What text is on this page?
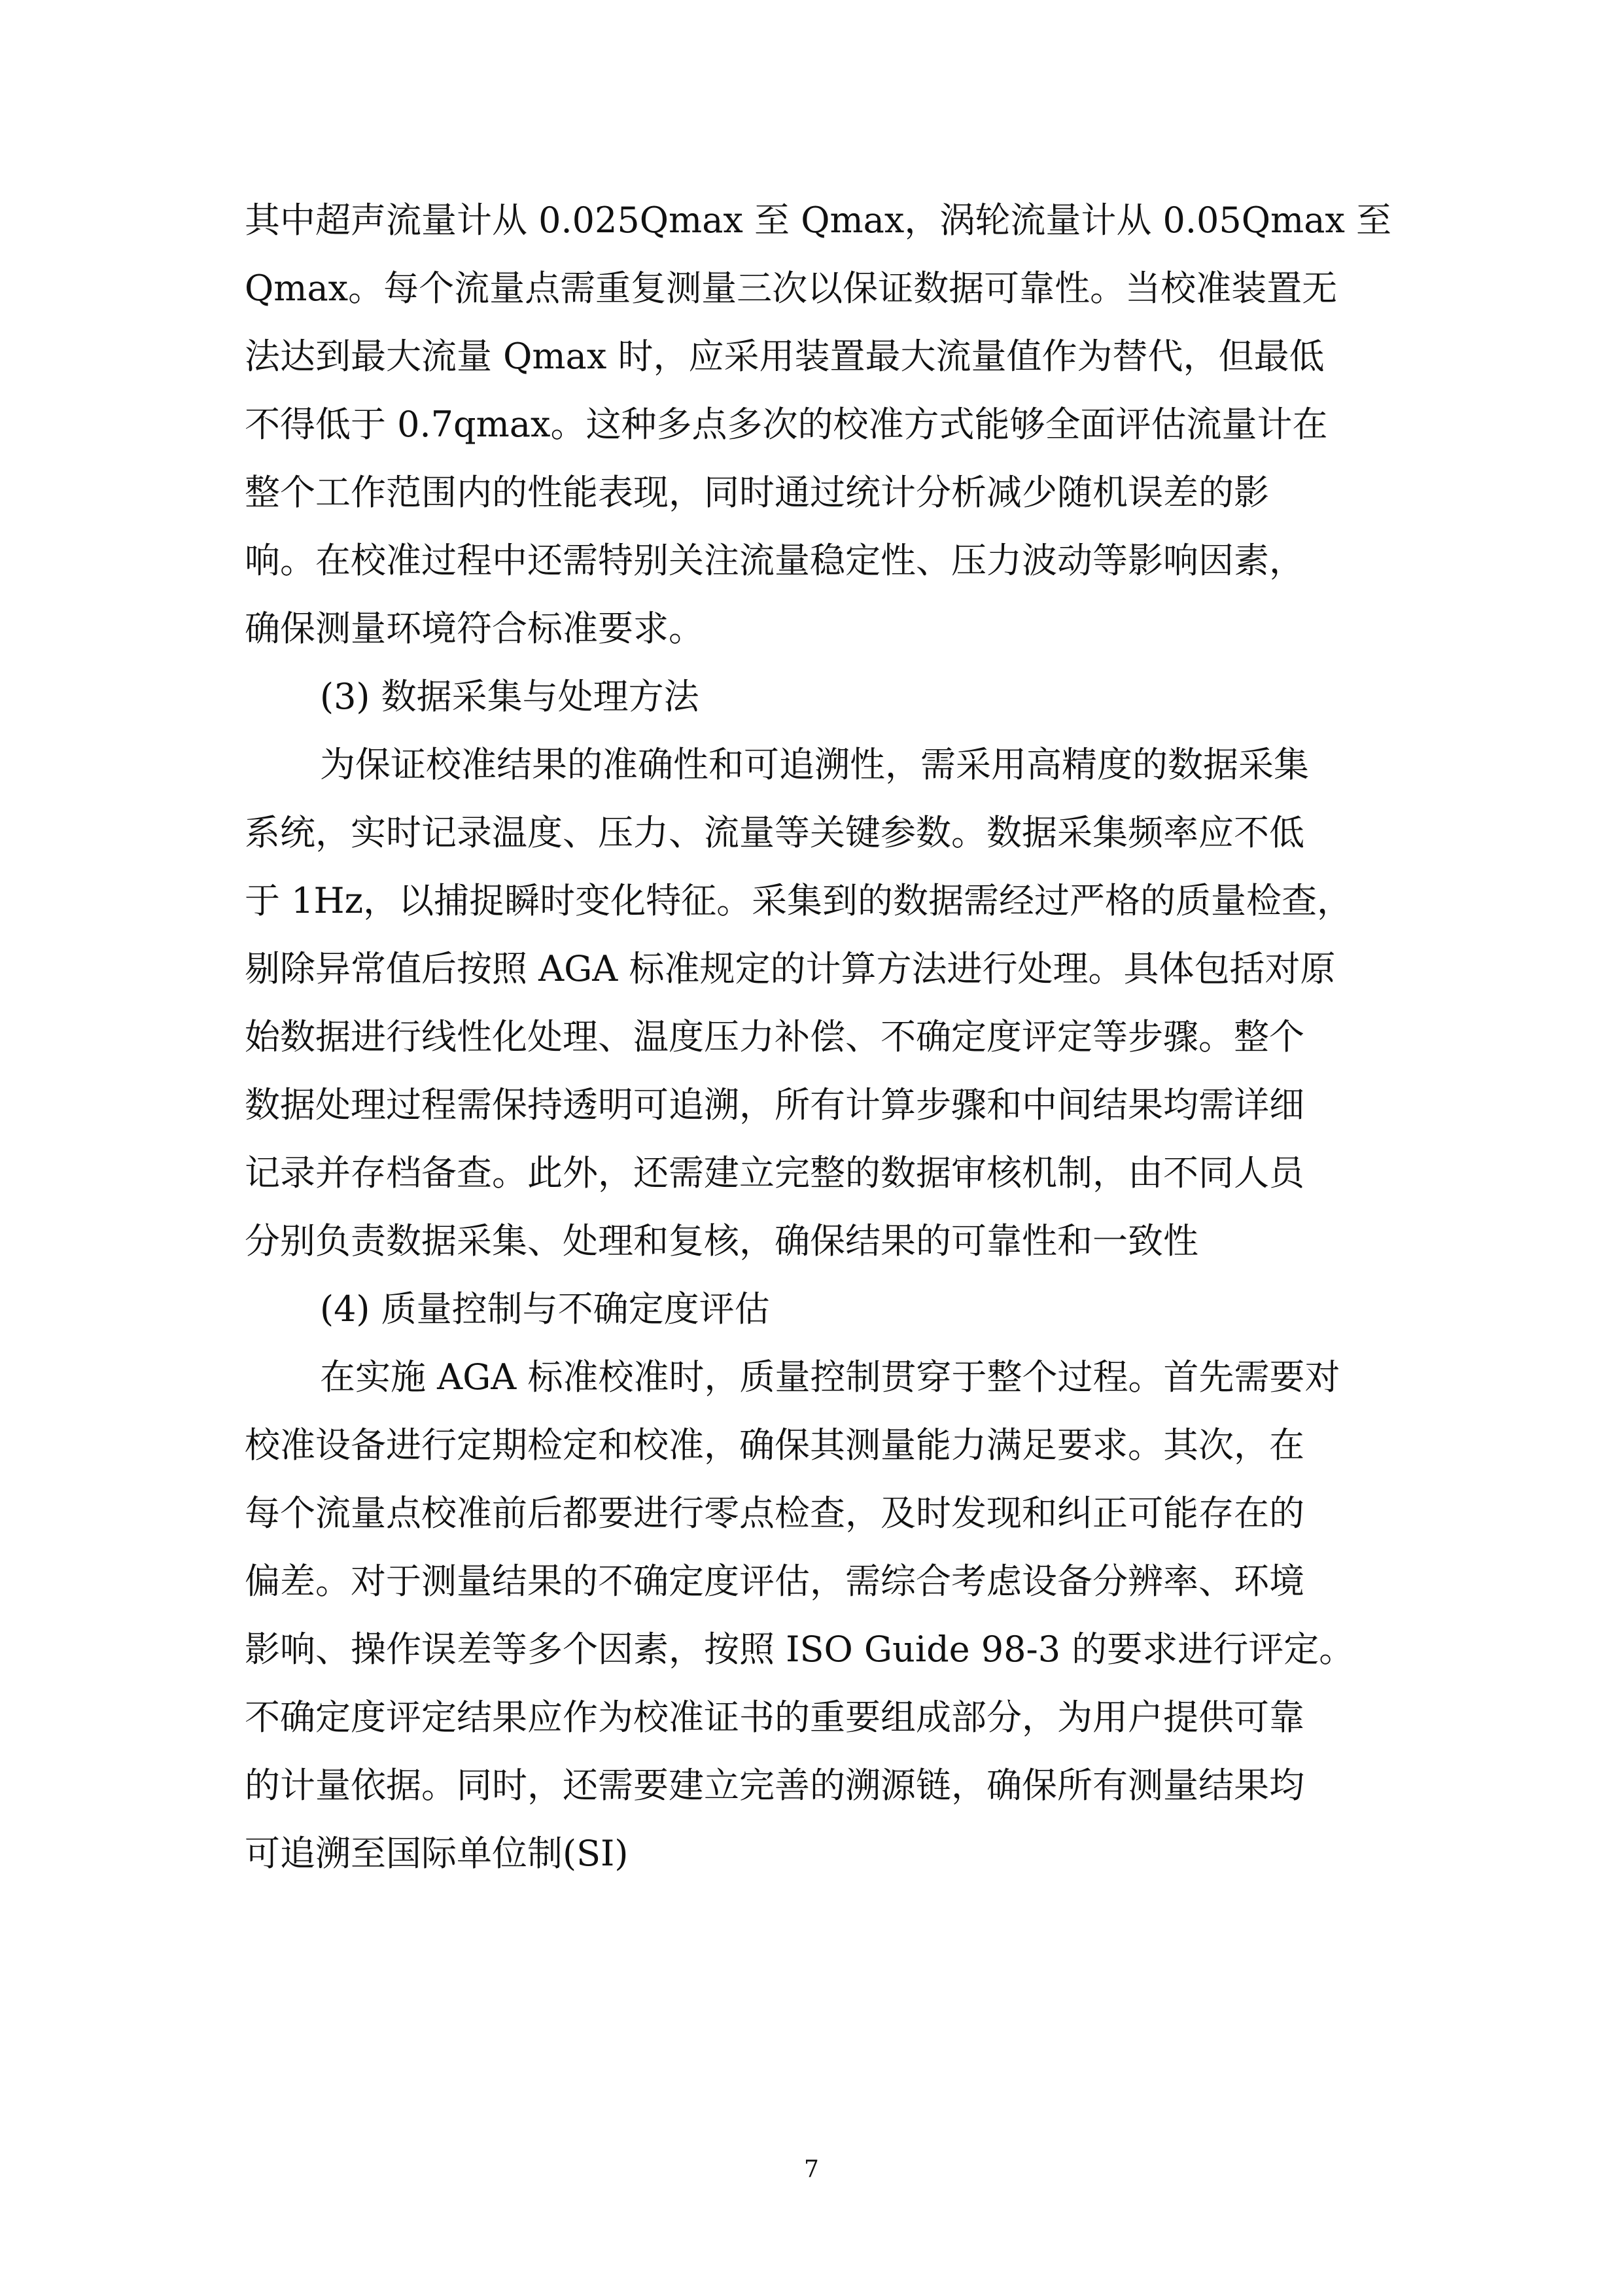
其中超声流量计从 0.025Qmax 至 Qmax，涡轮流量计从 0.05Qmax 至
Qmax。每个流量点需重复测量三次以保证数据可靠性。当校准装置无
法达到最大流量 Qmax 时，应采用装置最大流量值作为替代，但最低
不得低于 0.7qmax。这种多点多次的校准方式能够全面评估流量计在
整个工作范围内的性能表现，同时通过统计分析减少随机误差的影
响。在校准过程中还需特别关注流量稳定性、压力波动等影响因素，
确保测量环境符合标准要求。
(3) 数据采集与处理方法
为保证校准结果的准确性和可追溯性，需采用高精度的数据采集
系统，实时记录温度、压力、流量等关键参数。数据采集频率应不低
于 1Hz，以捕捉瞬时变化特征。采集到的数据需经过严格的质量检查，
剔除异常值后按照 AGA 标准规定的计算方法进行处理。具体包括对原
始数据进行线性化处理、温度压力补偿、不确定度评定等步骤。整个
数据处理过程需保持透明可追溯，所有计算步骤和中间结果均需详细
记录并存档备查。此外，还需建立完整的数据审核机制，由不同人员
分别负责数据采集、处理和复核，确保结果的可靠性和一致性
(4) 质量控制与不确定度评估
在实施 AGA 标准校准时，质量控制贯穿于整个过程。首先需要对
校准设备进行定期检定和校准，确保其测量能力满足要求。其次，在
每个流量点校准前后都要进行零点检查，及时发现和纠正可能存在的
偏差。对于测量结果的不确定度评估，需综合考虑设备分辨率、环境
影响、操作误差等多个因素，按照 ISO Guide 98-3 的要求进行评定。
不确定度评定结果应作为校准证书的重要组成部分，为用户提供可靠
的计量依据。同时，还需要建立完善的溯源链，确保所有测量结果均
可追溯至国际单位制(SI)
7
